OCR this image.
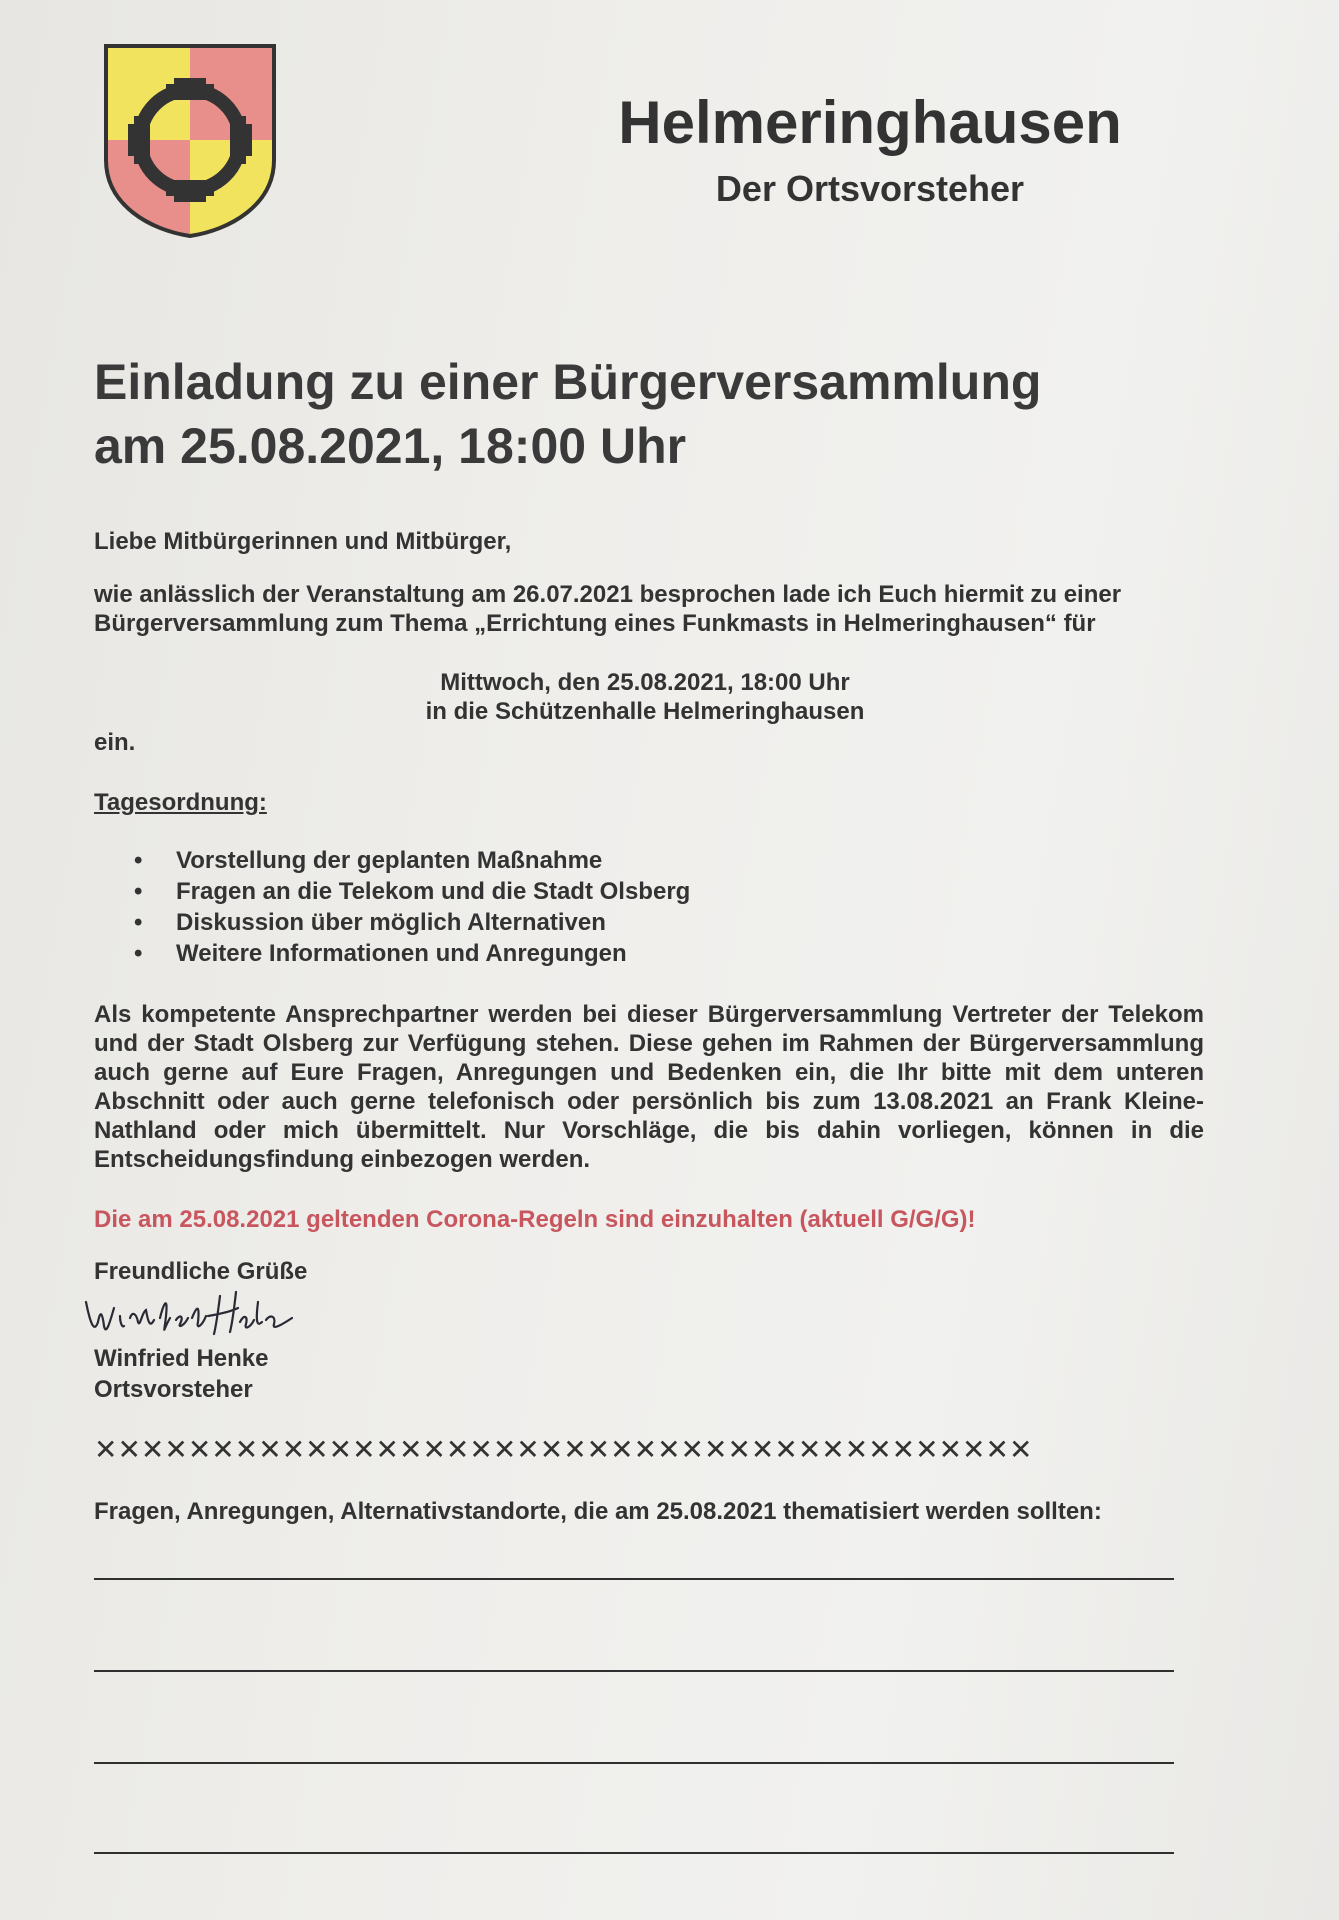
Helmeringhausen
Der Ortsvorsteher
Einladung zu einer Bürgerversammlung
am 25.08.2021, 18:00 Uhr
Liebe Mitbürgerinnen und Mitbürger,
wie anlässlich der Veranstaltung am 26.07.2021 besprochen lade ich Euch hiermit zu einer Bürgerversammlung zum Thema „Errichtung eines Funkmasts in Helmeringhausen“ für
Mittwoch, den 25.08.2021, 18:00 Uhr
in die Schützenhalle Helmeringhausen
ein.
Tagesordnung:
• Vorstellung der geplanten Maßnahme
• Fragen an die Telekom und die Stadt Olsberg
• Diskussion über möglich Alternativen
• Weitere Informationen und Anregungen
Als kompetente Ansprechpartner werden bei dieser Bürgerversammlung Vertreter der Telekom und der Stadt Olsberg zur Verfügung stehen. Diese gehen im Rahmen der Bürgerversammlung auch gerne auf Eure Fragen, Anregungen und Bedenken ein, die Ihr bitte mit dem unteren Abschnitt oder auch gerne telefonisch oder persönlich bis zum 13.08.2021 an Frank Kleine-Nathland oder mich übermittelt. Nur Vorschläge, die bis dahin vorliegen, können in die Entscheidungsfindung einbezogen werden.
Die am 25.08.2021 geltenden Corona-Regeln sind einzuhalten (aktuell G/G/G)!
Freundliche Grüße
Winfried Henke
Ortsvorsteher
✕✕✕✕✕✕✕✕✕✕✕✕✕✕✕✕✕✕✕✕✕✕✕✕✕✕✕✕✕✕✕✕✕✕✕✕✕✕✕✕
Fragen, Anregungen, Alternativstandorte, die am 25.08.2021 thematisiert werden sollten:
